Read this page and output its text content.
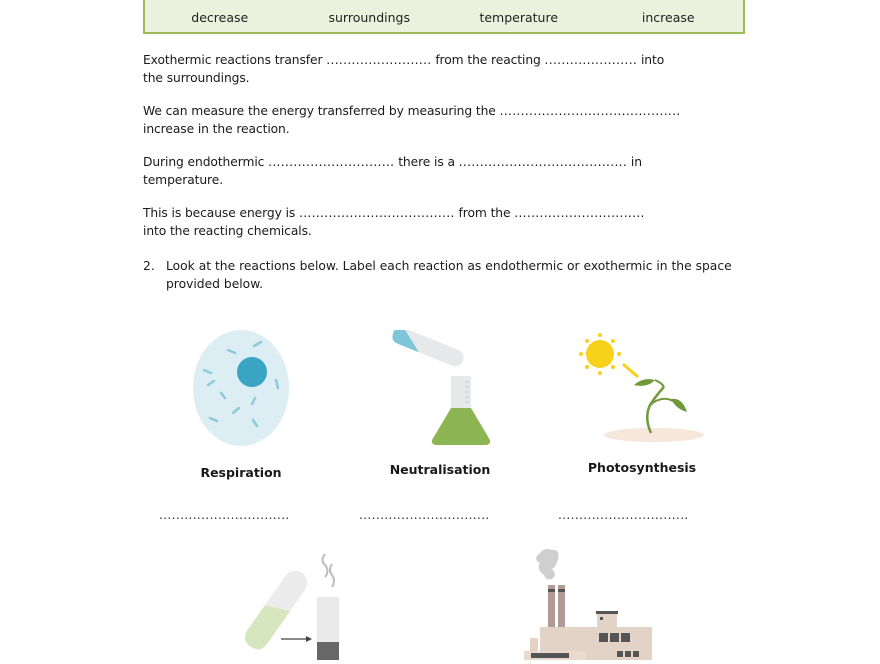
decrease	surroundings	temperature	increase
Exothermic reactions transfer ......................... from the reacting ...................... into
the surroundings.
We can measure the energy transferred by measuring the ...........................................
increase in the reaction.
During endothermic .............................. there is a ........................................ in
temperature.
This is because energy is ..................................... from the ...............................
into the reacting chemicals.
2. Look at the reactions below. Label each reaction as endothermic or exothermic in the space provided below.
Respiration	Neutralisation	Photosynthesis
...............................	...............................	...............................
